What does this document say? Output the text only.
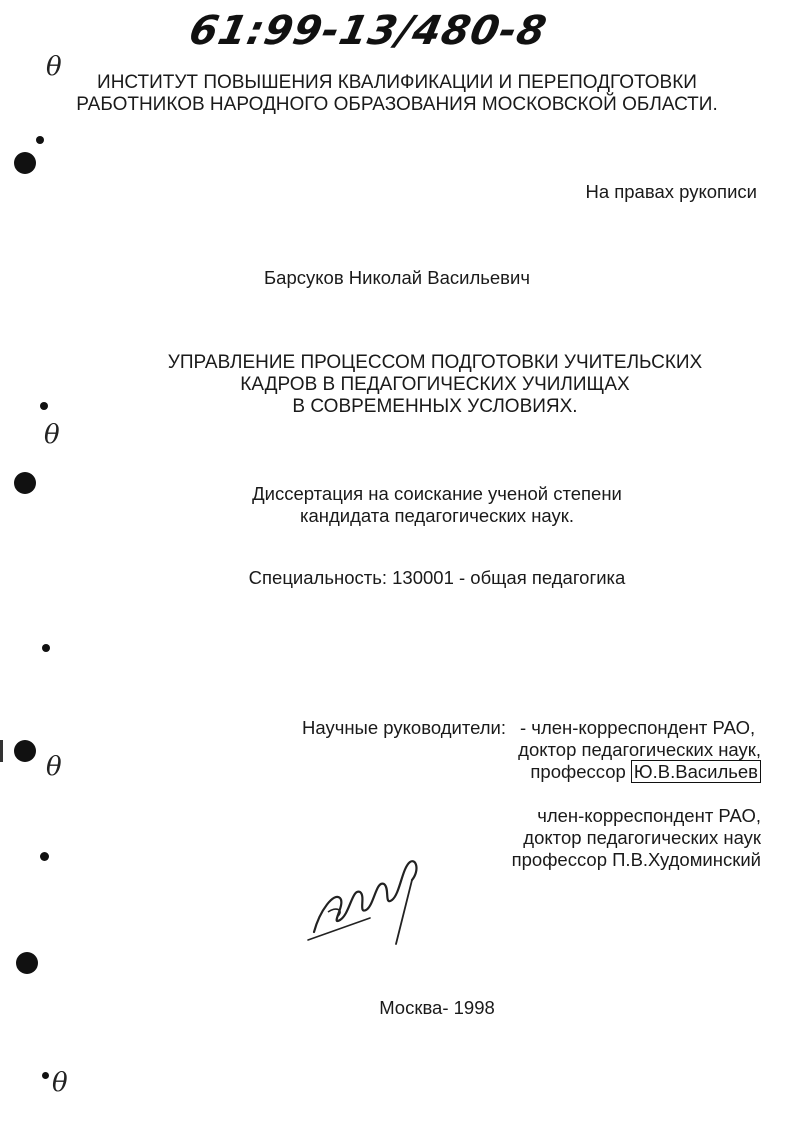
61:99-13/480-8
θ
θ
θ
θ
ИНСТИТУТ ПОВЫШЕНИЯ КВАЛИФИКАЦИИ И ПЕРЕПОДГОТОВКИ
РАБОТНИКОВ НАРОДНОГО ОБРАЗОВАНИЯ МОСКОВСКОЙ ОБЛАСТИ.
На правах рукописи
Барсуков Николай Васильевич
УПРАВЛЕНИЕ ПРОЦЕССОМ ПОДГОТОВКИ УЧИТЕЛЬСКИХ
КАДРОВ В ПЕДАГОГИЧЕСКИХ УЧИЛИЩАХ
В СОВРЕМЕННЫХ УСЛОВИЯХ.
Диссертация на соискание ученой степени
кандидата педагогических наук.
Специальность: 130001 - общая педагогика
Научные руководители: - член-корреспондент РАО,
доктор педагогических наук,
профессор Ю.В.Васильев
член-корреспондент РАО,
доктор педагогических наук
профессор П.В.Худоминский
Москва- 1998
